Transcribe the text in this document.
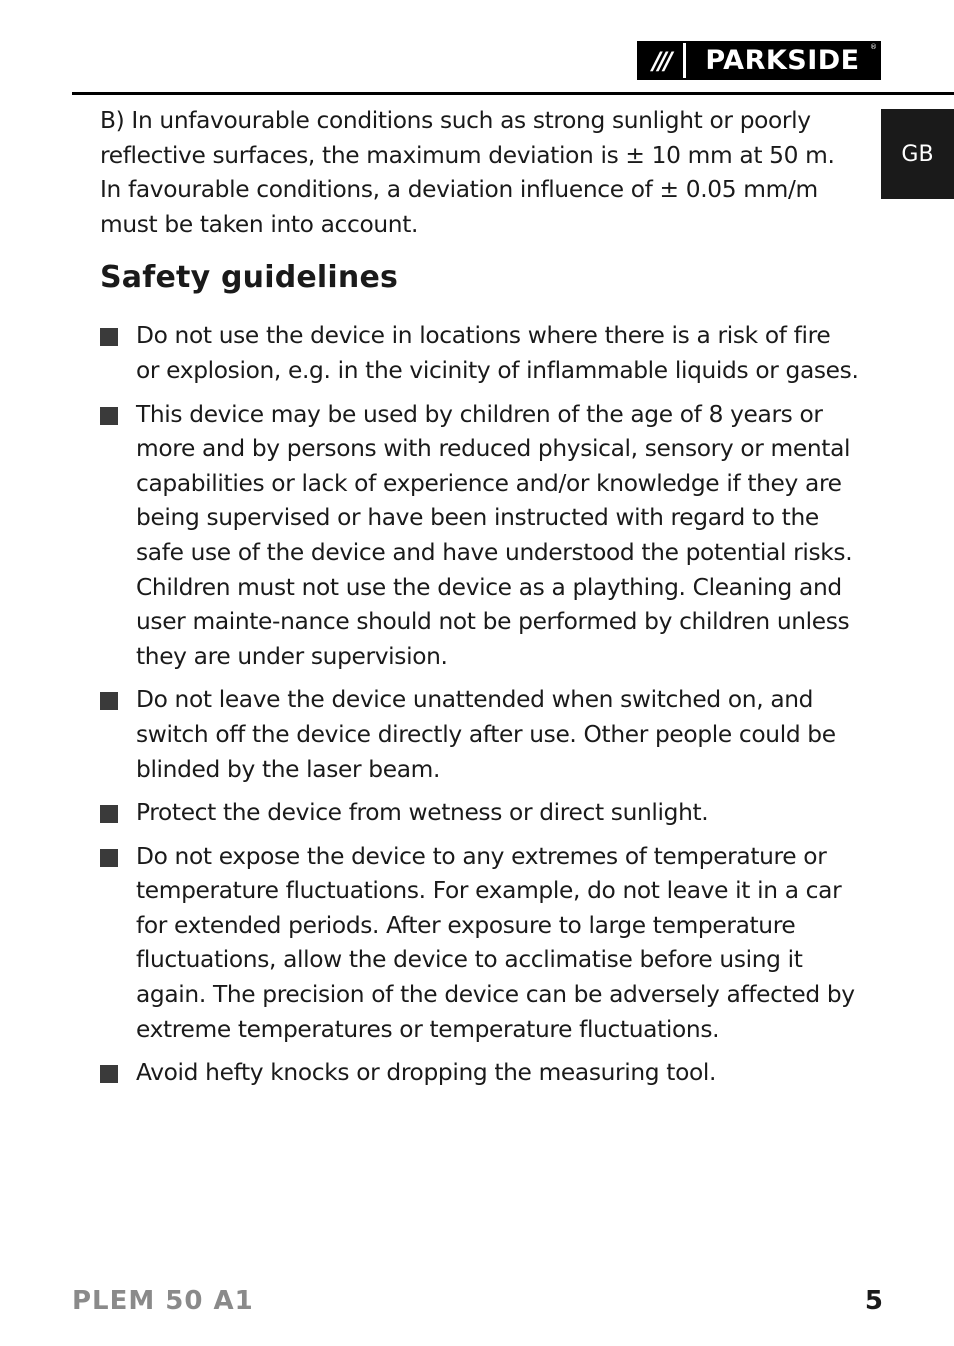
///	PARKSIDE	®
GB

B) In unfavourable conditions such as strong sunlight or poorly reflective surfaces, the maximum deviation is ± 10 mm at 50 m. In favourable conditions, a deviation influence of ± 0.05 mm/m must be taken into account.

Safety guidelines
Do not use the device in locations where there is a risk of fire or explosion, e.g. in the vicinity of inflammable liquids or gases.
This device may be used by children of the age of 8 years or more and by persons with reduced physical, sensory or mental capabilities or lack of experience and/or knowledge if they are being supervised or have been instructed with regard to the safe use of the device and have understood the potential risks. Children must not use the device as a plaything. Cleaning and user mainte-nance should not be performed by children unless they are under supervision.
Do not leave the device unattended when switched on, and switch off the device directly after use. Other people could be blinded by the laser beam.
Protect the device from wetness or direct sunlight.
Do not expose the device to any extremes of temperature or temperature fluctuations. For example, do not leave it in a car for extended periods. After exposure to large temperature fluctuations, allow the device to acclimatise before using it again. The precision of the device can be adversely affected by extreme temperatures or temperature fluctuations.
Avoid hefty knocks or dropping the measuring tool.
PLEM 50 A1	5
